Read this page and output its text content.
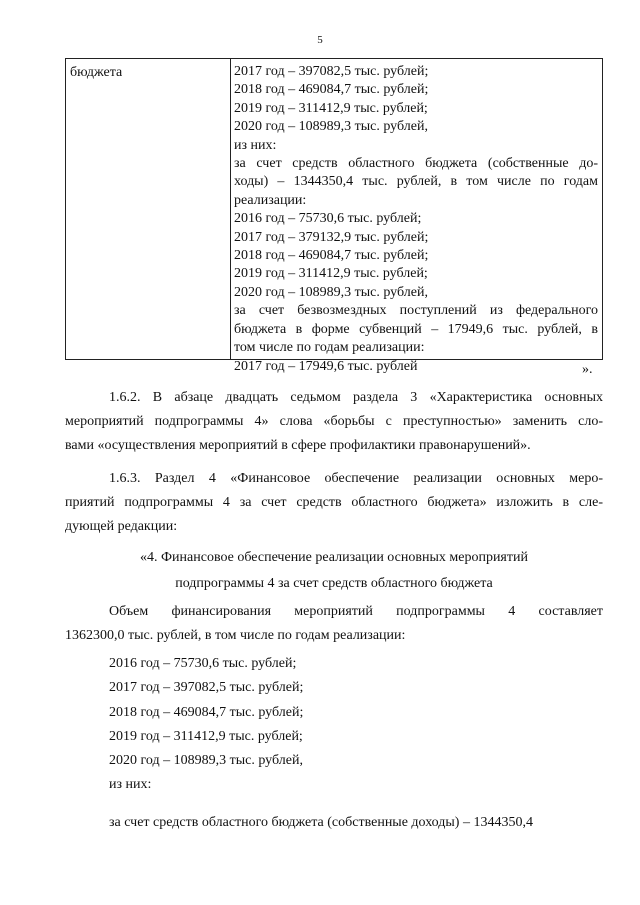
5
бюджета	2017 год – 397082,5 тыс. рублей;
2018 год – 469084,7 тыс. рублей;
2019 год – 311412,9 тыс. рублей;
2020 год – 108989,3 тыс. рублей,
из них:
за счет средств областного бюджета (собственные до-
ходы) – 1344350,4 тыс. рублей, в том числе по годам
реализации:
2016 год – 75730,6 тыс. рублей;
2017 год – 379132,9 тыс. рублей;
2018 год – 469084,7 тыс. рублей;
2019 год – 311412,9 тыс. рублей;
2020 год – 108989,3 тыс. рублей,
за счет безвозмездных поступлений из федерального
бюджета в форме субвенций – 17949,6 тыс. рублей, в
том числе по годам реализации:
2017 год – 17949,6 тыс. рублей	».
1.6.2. В абзаце двадцать седьмом раздела 3 «Характеристика основных
мероприятий подпрограммы 4» слова «борьбы с преступностью» заменить сло-
вами «осуществления мероприятий в сфере профилактики правонарушений».
1.6.3. Раздел 4 «Финансовое обеспечение реализации основных меро-
приятий подпрограммы 4 за счет средств областного бюджета» изложить в сле-
дующей редакции:
«4. Финансовое обеспечение реализации основных мероприятий
подпрограммы 4 за счет средств областного бюджета
Объем финансирования мероприятий подпрограммы 4 составляет
1362300,0 тыс. рублей, в том числе по годам реализации:
2016 год – 75730,6 тыс. рублей;
2017 год – 397082,5 тыс. рублей;
2018 год – 469084,7 тыс. рублей;
2019 год – 311412,9 тыс. рублей;
2020 год – 108989,3 тыс. рублей,
из них:
за счет средств областного бюджета (собственные доходы) – 1344350,4
